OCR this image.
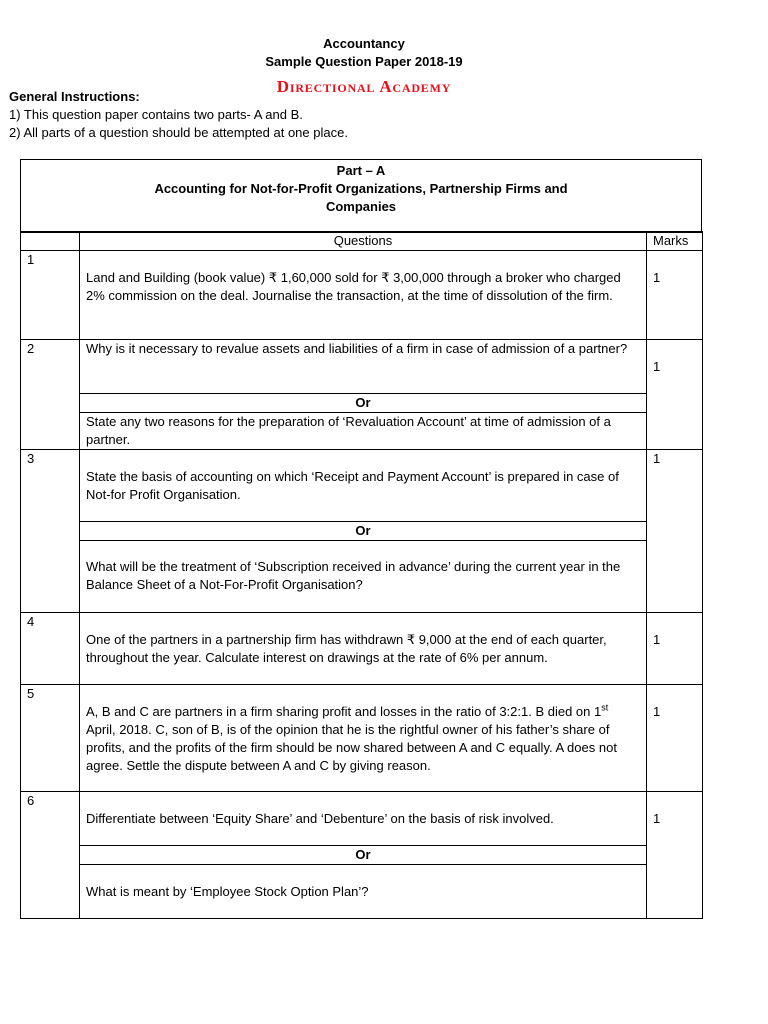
Accountancy
Sample Question Paper 2018-19
Directional Academy
General Instructions:
1) This question paper contains two parts- A and B.
2) All parts of a question should be attempted at one place.
Part – A
Accounting for Not-for-Profit Organizations, Partnership Firms and
Companies
	Questions	Marks
1	Land and Building (book value) ₹ 1,60,000 sold for ₹ 3,00,000 through a broker who charged 2% commission on the deal. Journalise the transaction, at the time of dissolution of the firm.	1

2	Why is it necessary to revalue assets and liabilities of a firm in case of admission of a partner?	1

	Or	
	State any two reasons for the preparation of ‘Revaluation Account’ at time of admission of a partner.	
3	State the basis of accounting on which ‘Receipt and Payment Account’ is prepared in case of Not-for Profit Organisation.	1
	Or	

	What will be the treatment of ‘Subscription received in advance’ during the current year in the Balance Sheet of a Not-For-Profit Organisation?	

4	One of the partners in a partnership firm has withdrawn ₹ 9,000 at the end of each quarter, throughout the year. Calculate interest on drawings at the rate of 6% per annum.	1

5	A, B and C are partners in a firm sharing profit and losses in the ratio of 3:2:1. B died on 1st April, 2018. C, son of B, is of the opinion that he is the rightful owner of his father’s share of profits, and the profits of the firm should be now shared between A and C equally. A does not agree. Settle the dispute between A and C by giving reason.	1

6	Differentiate between ‘Equity Share’ and ‘Debenture’ on the basis of risk involved.	1

	Or	

	What is meant by ‘Employee Stock Option Plan’?	
